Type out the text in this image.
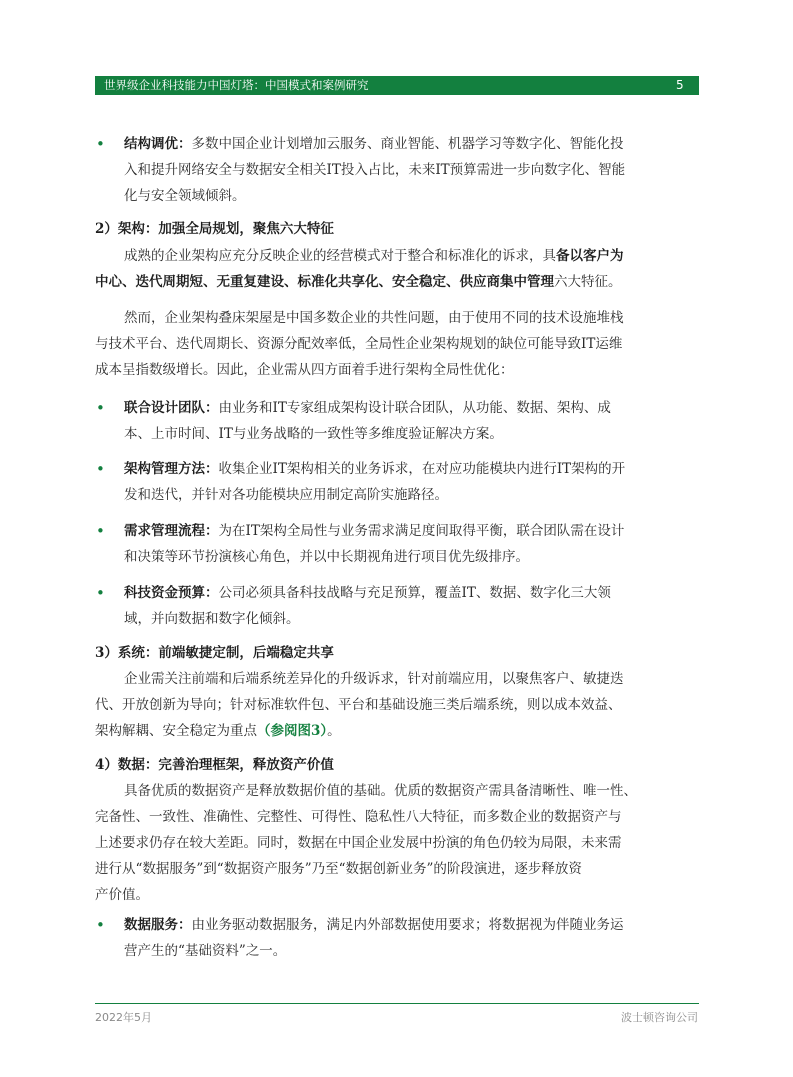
世界级企业科技能力中国灯塔：中国模式和案例研究	5
• 结构调优：多数中国企业计划增加云服务、商业智能、机器学习等数字化、智能化投
入和提升网络安全与数据安全相关IT投入占比，未来IT预算需进一步向数字化、智能
化与安全领域倾斜。
2）架构：加强全局规划，聚焦六大特征
成熟的企业架构应充分反映企业的经营模式对于整合和标准化的诉求，具备以客户为
中心、迭代周期短、无重复建设、标准化共享化、安全稳定、供应商集中管理六大特征。
然而，企业架构叠床架屋是中国多数企业的共性问题，由于使用不同的技术设施堆栈
与技术平台、迭代周期长、资源分配效率低，全局性企业架构规划的缺位可能导致IT运维
成本呈指数级增长。因此，企业需从四方面着手进行架构全局性优化：
• 联合设计团队：由业务和IT专家组成架构设计联合团队，从功能、数据、架构、成
本、上市时间、IT与业务战略的一致性等多维度验证解决方案。
• 架构管理方法：收集企业IT架构相关的业务诉求，在对应功能模块内进行IT架构的开
发和迭代，并针对各功能模块应用制定高阶实施路径。
• 需求管理流程：为在IT架构全局性与业务需求满足度间取得平衡，联合团队需在设计
和决策等环节扮演核心角色，并以中长期视角进行项目优先级排序。
• 科技资金预算：公司必须具备科技战略与充足预算，覆盖IT、数据、数字化三大领
域，并向数据和数字化倾斜。
3）系统：前端敏捷定制，后端稳定共享
企业需关注前端和后端系统差异化的升级诉求，针对前端应用，以聚焦客户、敏捷迭
代、开放创新为导向；针对标准软件包、平台和基础设施三类后端系统，则以成本效益、
架构解耦、安全稳定为重点（参阅图3）。
4）数据：完善治理框架，释放资产价值
具备优质的数据资产是释放数据价值的基础。优质的数据资产需具备清晰性、唯一性、
完备性、一致性、准确性、完整性、可得性、隐私性八大特征，而多数企业的数据资产与
上述要求仍存在较大差距。同时，数据在中国企业发展中扮演的角色仍较为局限，未来需
进行从“数据服务”到“数据资产服务”乃至“数据创新业务”的阶段演进，逐步释放资
产价值。
• 数据服务：由业务驱动数据服务，满足内外部数据使用要求；将数据视为伴随业务运
营产生的“基础资料”之一。
2022年5月	波士顿咨询公司
